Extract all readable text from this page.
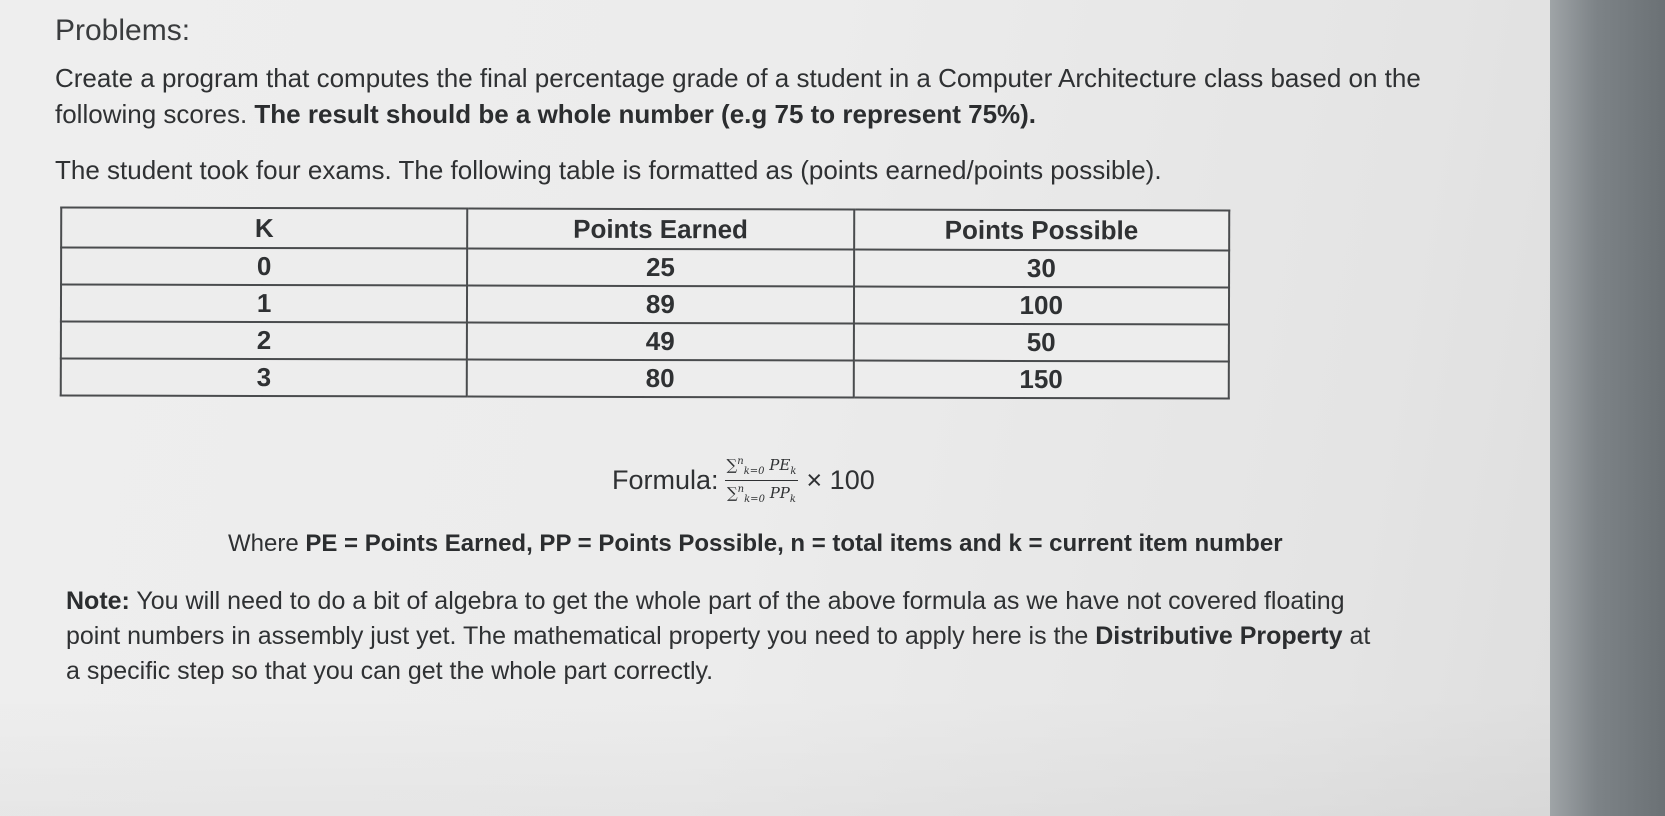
Problems:

Create a program that computes the final percentage grade of a student in a Computer Architecture class based on the following scores. The result should be a whole number (e.g 75 to represent 75%).

The student took four exams. The following table is formatted as (points earned/points possible).

K	Points Earned	Points Possible
0	25	30
1	89	100
2	49	50
3	80	150
Formula: $\frac{\sum^n_{k=0} PE_k}{\sum^n_{k=0} PP_k} \times 100$

Where PE = Points Earned, PP = Points Possible, n = total items and k = current item number

Note: You will need to do a bit of algebra to get the whole part of the above formula as we have not covered floating point numbers in assembly just yet. The mathematical property you need to apply here is the Distributive Property at a specific step so that you can get the whole part correctly.
